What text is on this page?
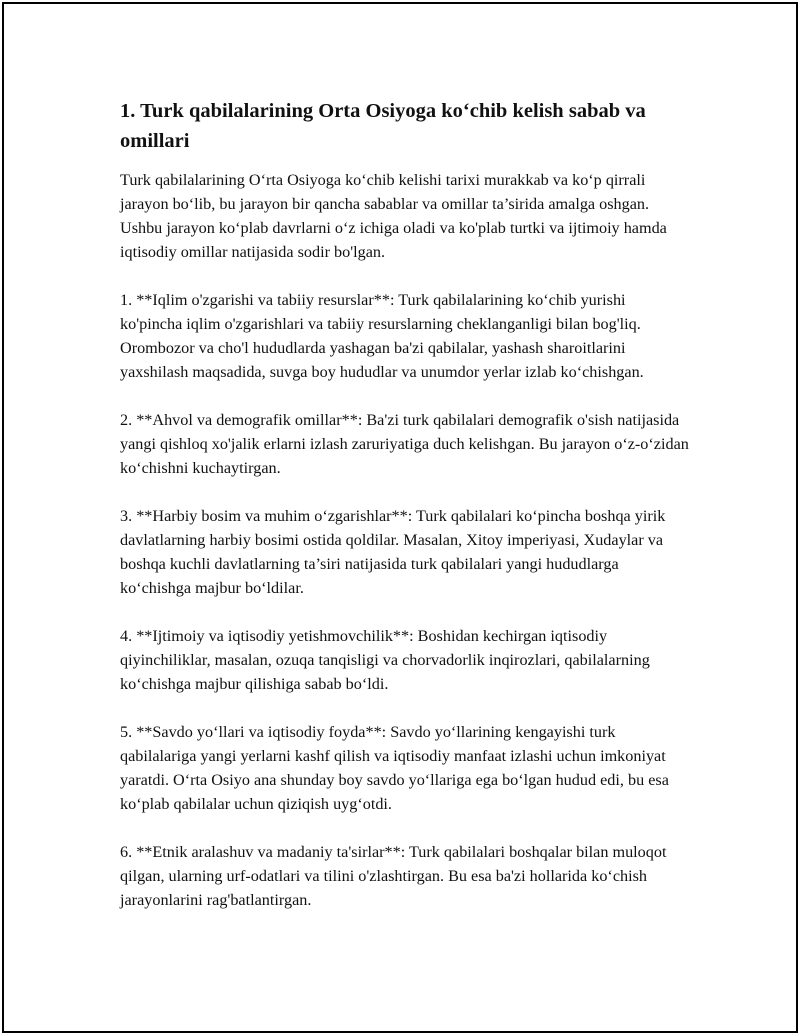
1. Turk qabilalarining Orta Osiyoga ko‘chib kelish sabab va omillari

Turk qabilalarining O‘rta Osiyoga ko‘chib kelishi tarixi murakkab va ko‘p qirrali jarayon bo‘lib, bu jarayon bir qancha sabablar va omillar ta’sirida amalga oshgan. Ushbu jarayon ko‘plab davrlarni o‘z ichiga oladi va ko'plab turtki va ijtimoiy hamda iqtisodiy omillar natijasida sodir bo'lgan.

1. **Iqlim o'zgarishi va tabiiy resurslar**: Turk qabilalarining ko‘chib yurishi ko'pincha iqlim o'zgarishlari va tabiiy resurslarning cheklanganligi bilan bog'liq. Orombozor va cho'l hududlarda yashagan ba'zi qabilalar, yashash sharoitlarini yaxshilash maqsadida, suvga boy hududlar va unumdor yerlar izlab ko‘chishgan.

2. **Ahvol va demografik omillar**: Ba'zi turk qabilalari demografik o'sish natijasida yangi qishloq xo'jalik erlarni izlash zaruriyatiga duch kelishgan. Bu jarayon o‘z-o‘zidan ko‘chishni kuchaytirgan.

3. **Harbiy bosim va muhim o‘zgarishlar**: Turk qabilalari ko‘pincha boshqa yirik davlatlarning harbiy bosimi ostida qoldilar. Masalan, Xitoy imperiyasi, Xudaylar va boshqa kuchli davlatlarning ta’siri natijasida turk qabilalari yangi hududlarga ko‘chishga majbur bo‘ldilar.

4. **Ijtimoiy va iqtisodiy yetishmovchilik**: Boshidan kechirgan iqtisodiy qiyinchiliklar, masalan, ozuqa tanqisligi va chorvadorlik inqirozlari, qabilalarning ko‘chishga majbur qilishiga sabab bo‘ldi.

5. **Savdo yo‘llari va iqtisodiy foyda**: Savdo yo‘llarining kengayishi turk qabilalariga yangi yerlarni kashf qilish va iqtisodiy manfaat izlashi uchun imkoniyat yaratdi. O‘rta Osiyo ana shunday boy savdo yo‘llariga ega bo‘lgan hudud edi, bu esa ko‘plab qabilalar uchun qiziqish uyg‘otdi.

6. **Etnik aralashuv va madaniy ta'sirlar**: Turk qabilalari boshqalar bilan muloqot qilgan, ularning urf-odatlari va tilini o'zlashtirgan. Bu esa ba'zi hollarida ko‘chish jarayonlarini rag'batlantirgan.
